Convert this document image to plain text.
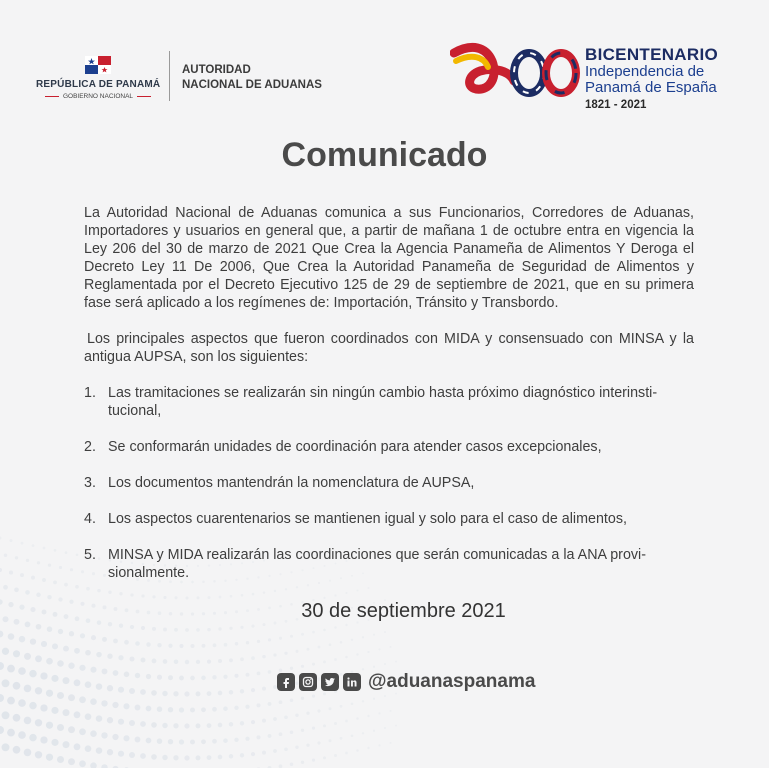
REPÚBLICA DE PANAMÁ
GOBIERNO NACIONAL
AUTORIDAD
NACIONAL DE ADUANAS
BICENTENARIO
Independencia de
Panamá de España
1821 - 2021
Comunicado

La Autoridad Nacional de Aduanas comunica a sus Funcionarios, Corredores de Aduanas, Importadores y usuarios en general que, a partir de mañana 1 de octubre entra en vigencia la Ley 206 del 30 de marzo de 2021 Que Crea la Agencia Panameña de Alimentos Y Deroga el Decreto Ley 11 De 2006, Que Crea la Autoridad Panameña de Seguridad de Alimentos y Reglamentada por el Decreto Ejecutivo 125 de 29 de septiembre de 2021, que en su primera fase será aplicado a los regímenes de: Importación, Tránsito y Transbordo.

Los principales aspectos que fueron coordinados con MIDA y consensuado con MINSA y la antigua AUPSA, son los siguientes:

1. Las tramitaciones se realizarán sin ningún cambio hasta próximo diagnóstico interinsti-tucional,
2. Se conformarán unidades de coordinación para atender casos excepcionales,
3. Los documentos mantendrán la nomenclatura de AUPSA,
4. Los aspectos cuarentenarios se mantienen igual y solo para el caso de alimentos,
5. MINSA y MIDA realizarán las coordinaciones que serán comunicadas a la ANA provi-sionalmente.
30 de septiembre 2021
@aduanaspanama
